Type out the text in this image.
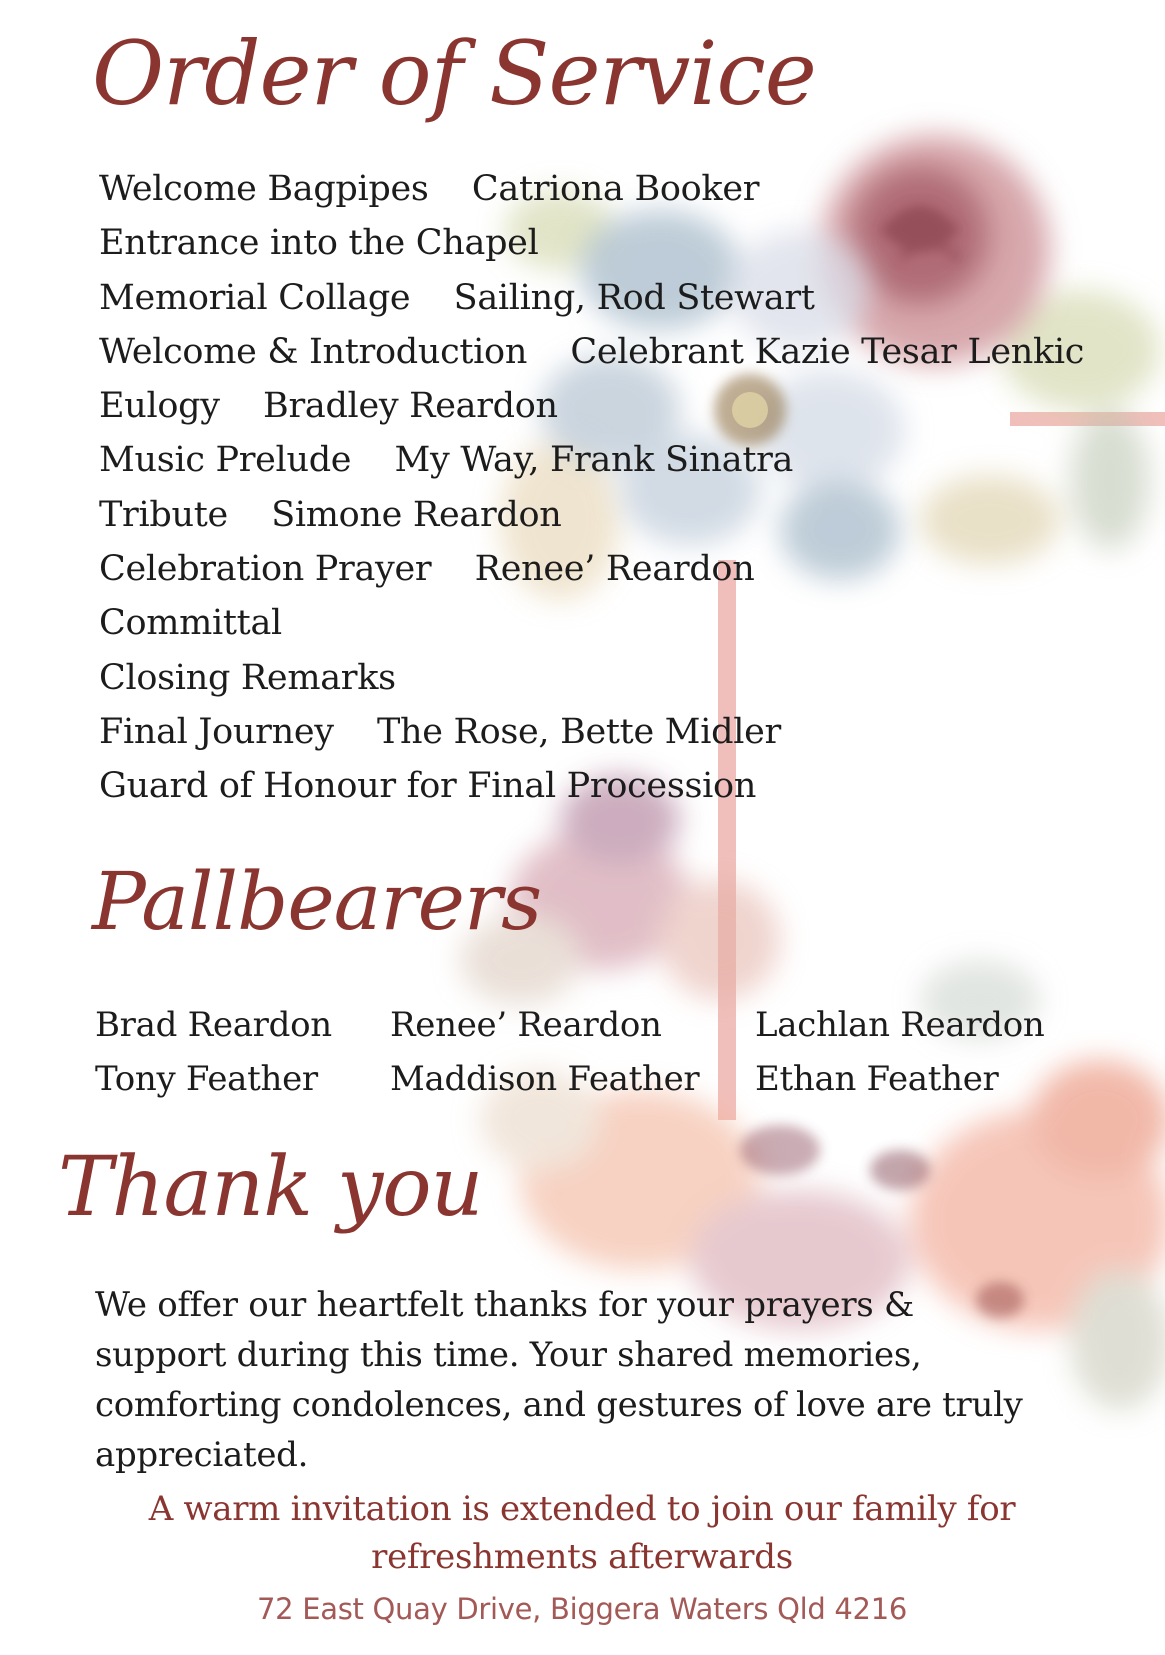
Order of Service
Welcome Bagpipes    Catriona Booker
Entrance into the Chapel
Memorial Collage    Sailing, Rod Stewart
Welcome & Introduction    Celebrant Kazie Tesar Lenkic
Eulogy    Bradley Reardon
Music Prelude    My Way, Frank Sinatra
Tribute    Simone Reardon
Celebration Prayer    Renee’ Reardon
Committal
Closing Remarks
Final Journey    The Rose, Bette Midler
Guard of Honour for Final Procession
Pallbearers
Brad Reardon Renee’ Reardon	Lachlan Reardon
Tony Feather Maddison Feather Ethan Feather
Thank you
We offer our heartfelt thanks for your prayers & support during this time. Your shared memories, comforting condolences, and gestures of love are truly appreciated.
A warm invitation is extended to join our family for
refreshments afterwards
72 East Quay Drive, Biggera Waters Qld 4216
